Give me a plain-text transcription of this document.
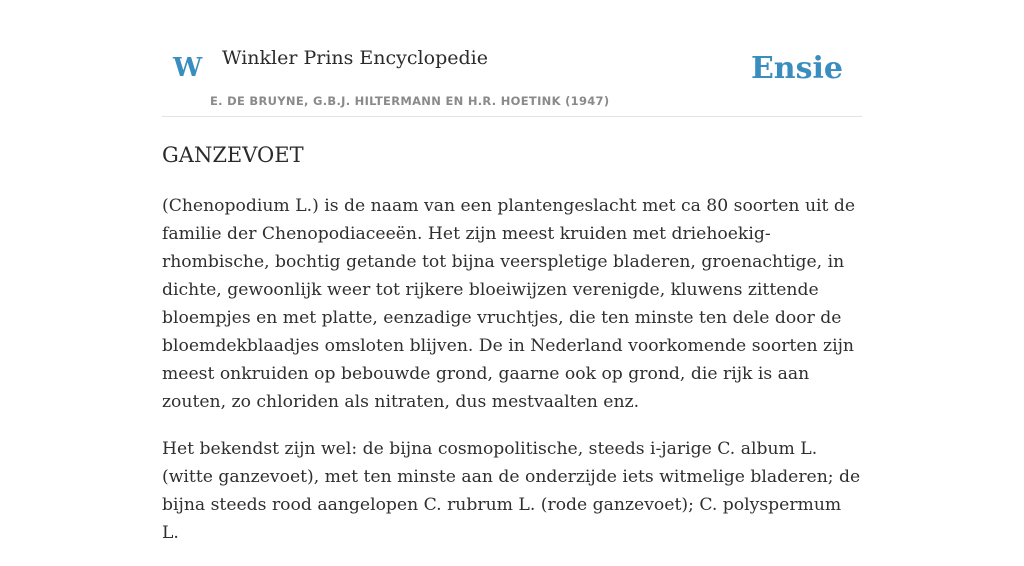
W Winkler Prins Encyclopedie
E. DE BRUYNE, G.B.J. HILTERMANN EN H.R. HOETINK (1947)
Ensie
GANZEVOET

(Chenopodium L.) is de naam van een plantengeslacht met ca 80 soorten uit de familie der Chenopodiaceeën. Het zijn meest kruiden met driehoekig-rhombische, bochtig getande tot bijna veerspletige bladeren, groenachtige, in dichte, gewoonlijk weer tot rijkere bloeiwijzen verenigde, kluwens zittende bloempjes en met platte, eenzadige vruchtjes, die ten minste ten dele door de bloemdekblaadjes omsloten blijven. De in Nederland voorkomende soorten zijn meest onkruiden op bebouwde grond, gaarne ook op grond, die rijk is aan zouten, zo chloriden als nitraten, dus mestvaalten enz.

Het bekendst zijn wel: de bijna cosmopolitische, steeds i-jarige C. album L. (witte ganzevoet), met ten minste aan de onderzijde iets witmelige bladeren; de bijna steeds rood aangelopen C. rubrum L. (rode ganzevoet); C. polyspermum L.
